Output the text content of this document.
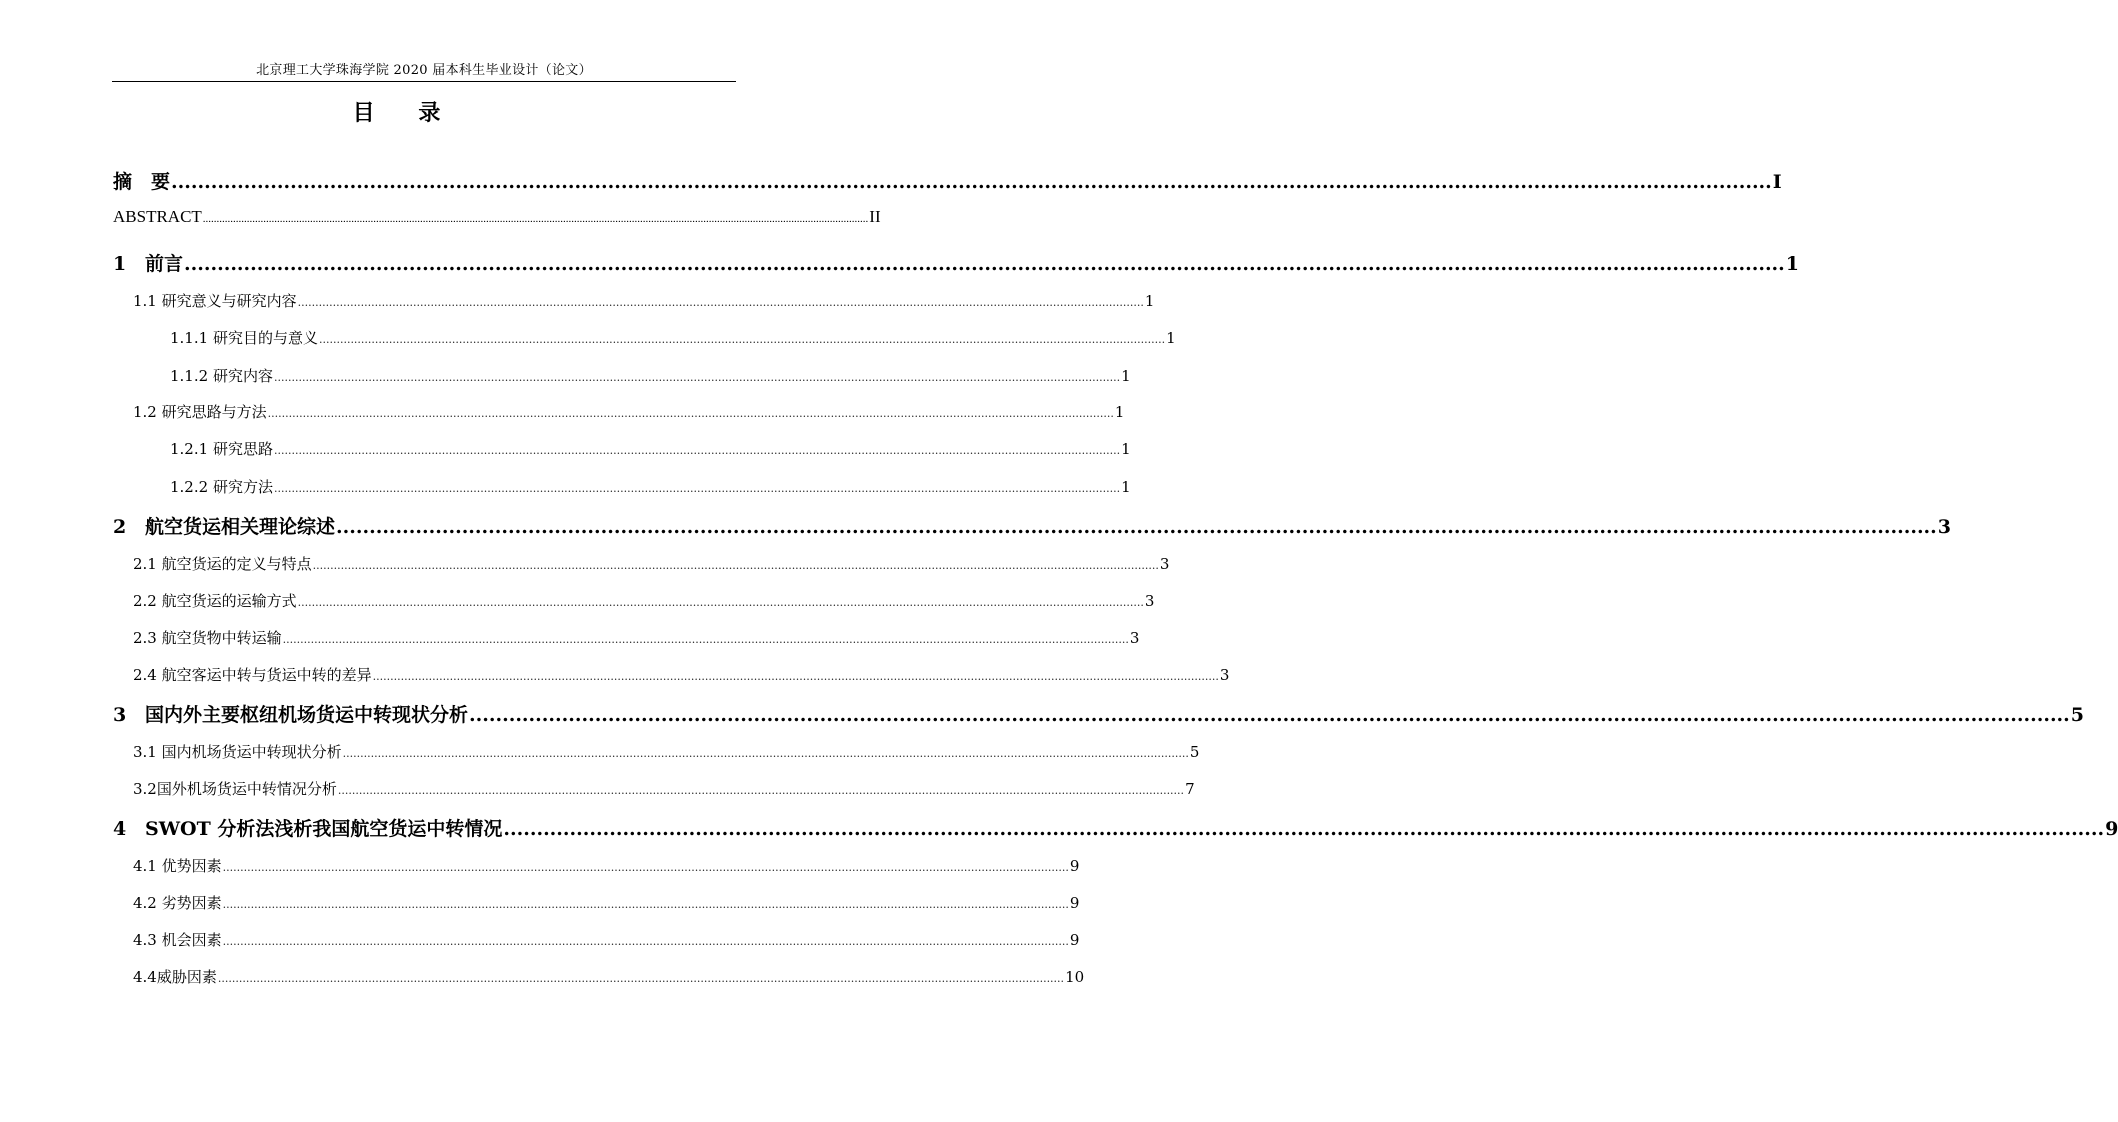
北京理工大学珠海学院 2020 届本科生毕业设计（论文）
目 录
摘　要 .................................................................................................................................................................................................................................................. I
ABSTRACT .................................................................................................................................................................................................................................................. II
1 前言 .................................................................................................................................................................................................................................................. 1
1.1 研究意义与研究内容 .................................................................................................................................................................................................................................................. 1
1.1.1 研究目的与意义 .................................................................................................................................................................................................................................................. 1
1.1.2 研究内容 .................................................................................................................................................................................................................................................. 1
1.2 研究思路与方法 .................................................................................................................................................................................................................................................. 1
1.2.1 研究思路 .................................................................................................................................................................................................................................................. 1
1.2.2 研究方法 .................................................................................................................................................................................................................................................. 1
2 航空货运相关理论综述 .................................................................................................................................................................................................................................................. 3
2.1 航空货运的定义与特点 .................................................................................................................................................................................................................................................. 3
2.2 航空货运的运输方式 .................................................................................................................................................................................................................................................. 3
2.3 航空货物中转运输 .................................................................................................................................................................................................................................................. 3
2.4 航空客运中转与货运中转的差异 .................................................................................................................................................................................................................................................. 3
3 国内外主要枢纽机场货运中转现状分析 .................................................................................................................................................................................................................................................. 5
3.1 国内机场货运中转现状分析 .................................................................................................................................................................................................................................................. 5
3.2国外机场货运中转情况分析 .................................................................................................................................................................................................................................................. 7
4 SWOT 分析法浅析我国航空货运中转情况 .................................................................................................................................................................................................................................................. 9
4.1 优势因素 .................................................................................................................................................................................................................................................. 9
4.2 劣势因素 .................................................................................................................................................................................................................................................. 9
4.3 机会因素 .................................................................................................................................................................................................................................................. 9
4.4威胁因素 .................................................................................................................................................................................................................................................. 10
